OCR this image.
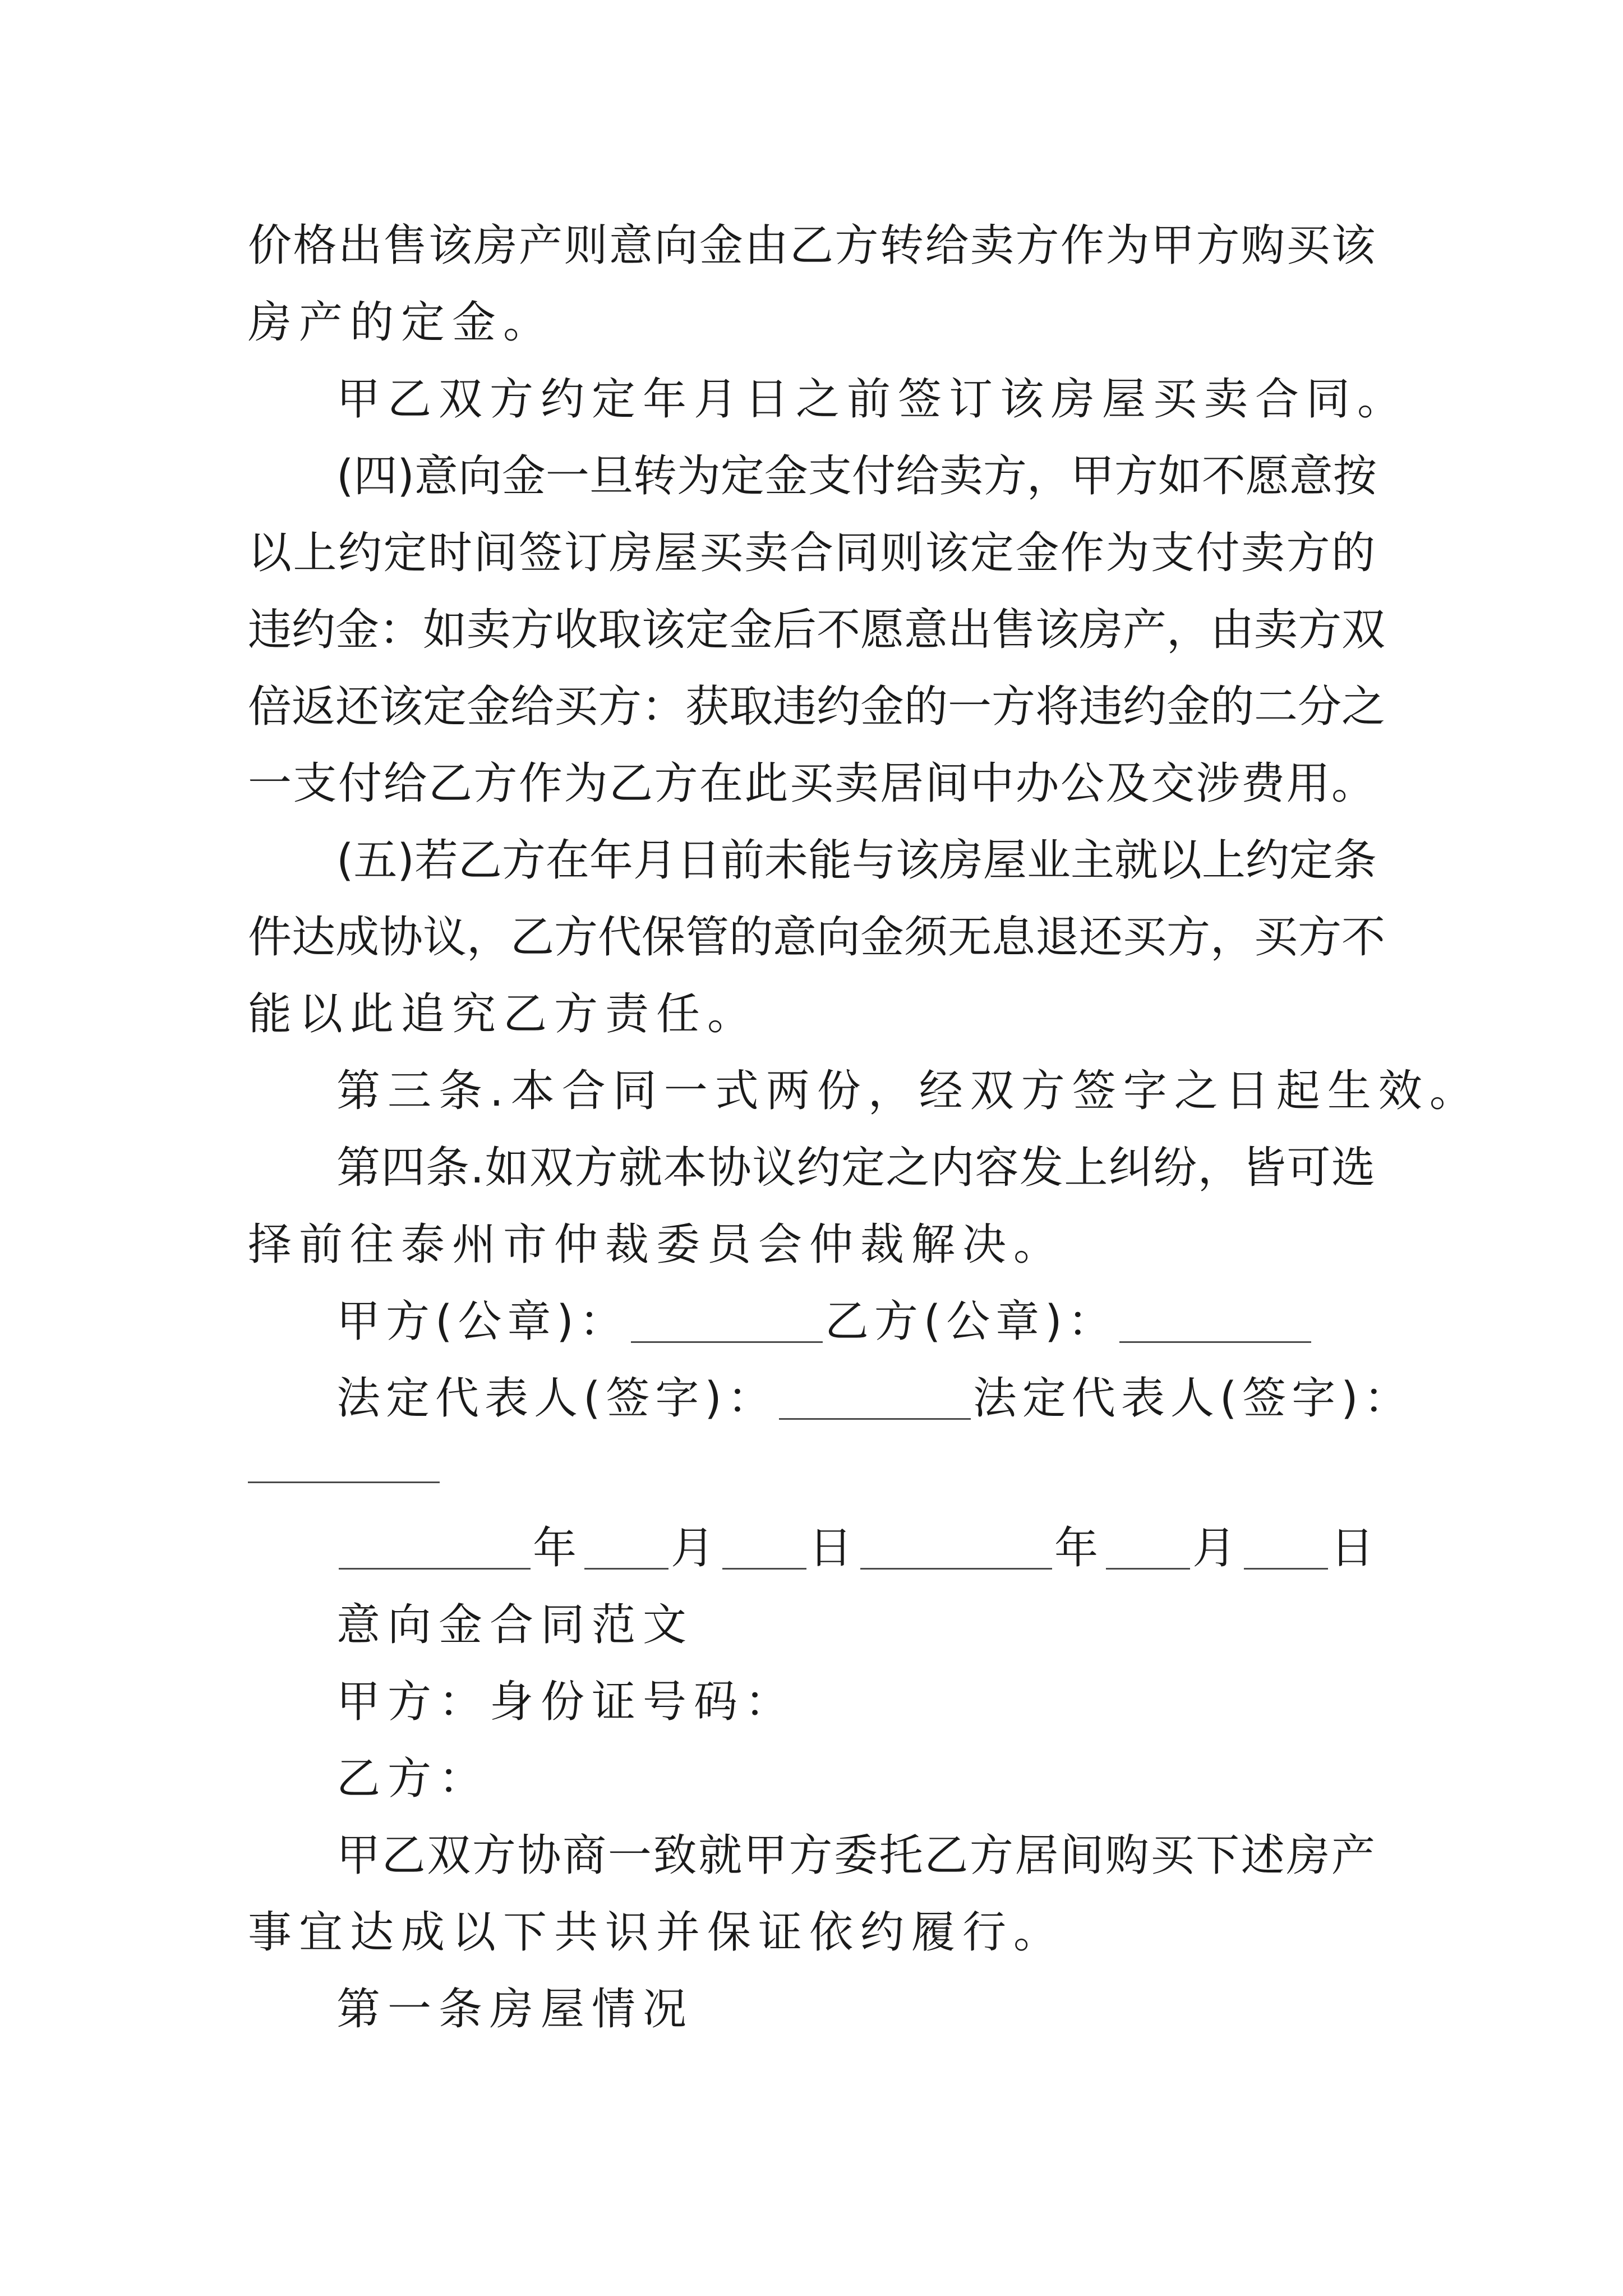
价格出售该房产则意向金由乙方转给卖方作为甲方购买该
房产的定金。
甲乙双方约定年月日之前签订该房屋买卖合同。
(四)意向金一旦转为定金支付给卖方，甲方如不愿意按
以上约定时间签订房屋买卖合同则该定金作为支付卖方的
违约金：如卖方收取该定金后不愿意出售该房产，由卖方双
倍返还该定金给买方：获取违约金的一方将违约金的二分之
一支付给乙方作为乙方在此买卖居间中办公及交涉费用。
(五)若乙方在年月日前未能与该房屋业主就以上约定条
件达成协议，乙方代保管的意向金须无息退还买方，买方不
能以此追究乙方责任。
第三条.本合同一式两份，经双方签字之日起生效。
第四条.如双方就本协议约定之内容发上纠纷，皆可选
择前往泰州市仲裁委员会仲裁解决。
甲方(公章)：	乙方(公章)：
法定代表人(签字)：	法定代表人(签字)：
年 月 日	年 月 日
意向金合同范文
甲方：身份证号码：
乙方：
甲乙双方协商一致就甲方委托乙方居间购买下述房产
事宜达成以下共识并保证依约履行。
第一条房屋情况
